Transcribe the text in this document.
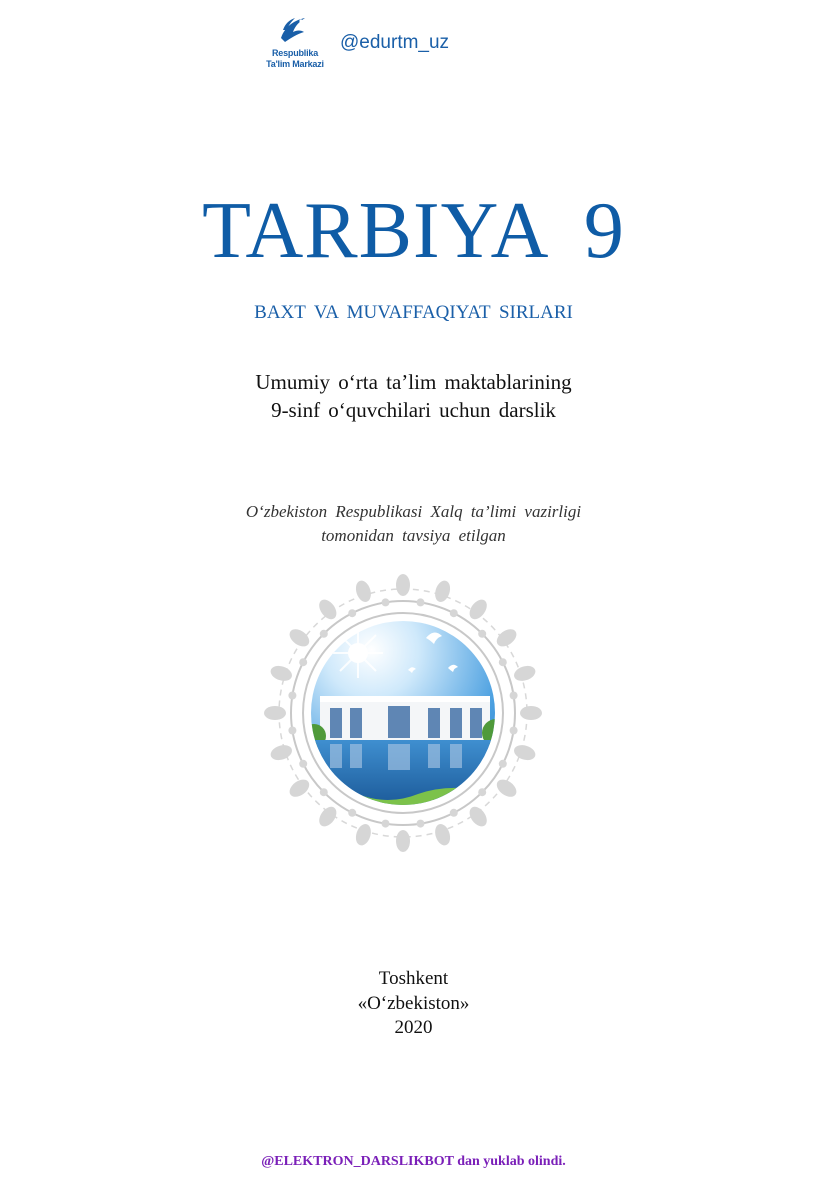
Respublika
Ta'lim Markazi
@edurtm_uz
TARBIYA 9
BAXT VA MUVAFFAQIYAT SIRLARI
Umumiy o‘rta ta’lim maktablarining
9-sinf o‘quvchilari uchun darslik
O‘zbekiston Respublikasi Xalq ta’limi vazirligi
tomonidan tavsiya etilgan
Toshkent
«O‘zbekiston»
2020
@ELEKTRON_DARSLIKBOT dan yuklab olindi.
